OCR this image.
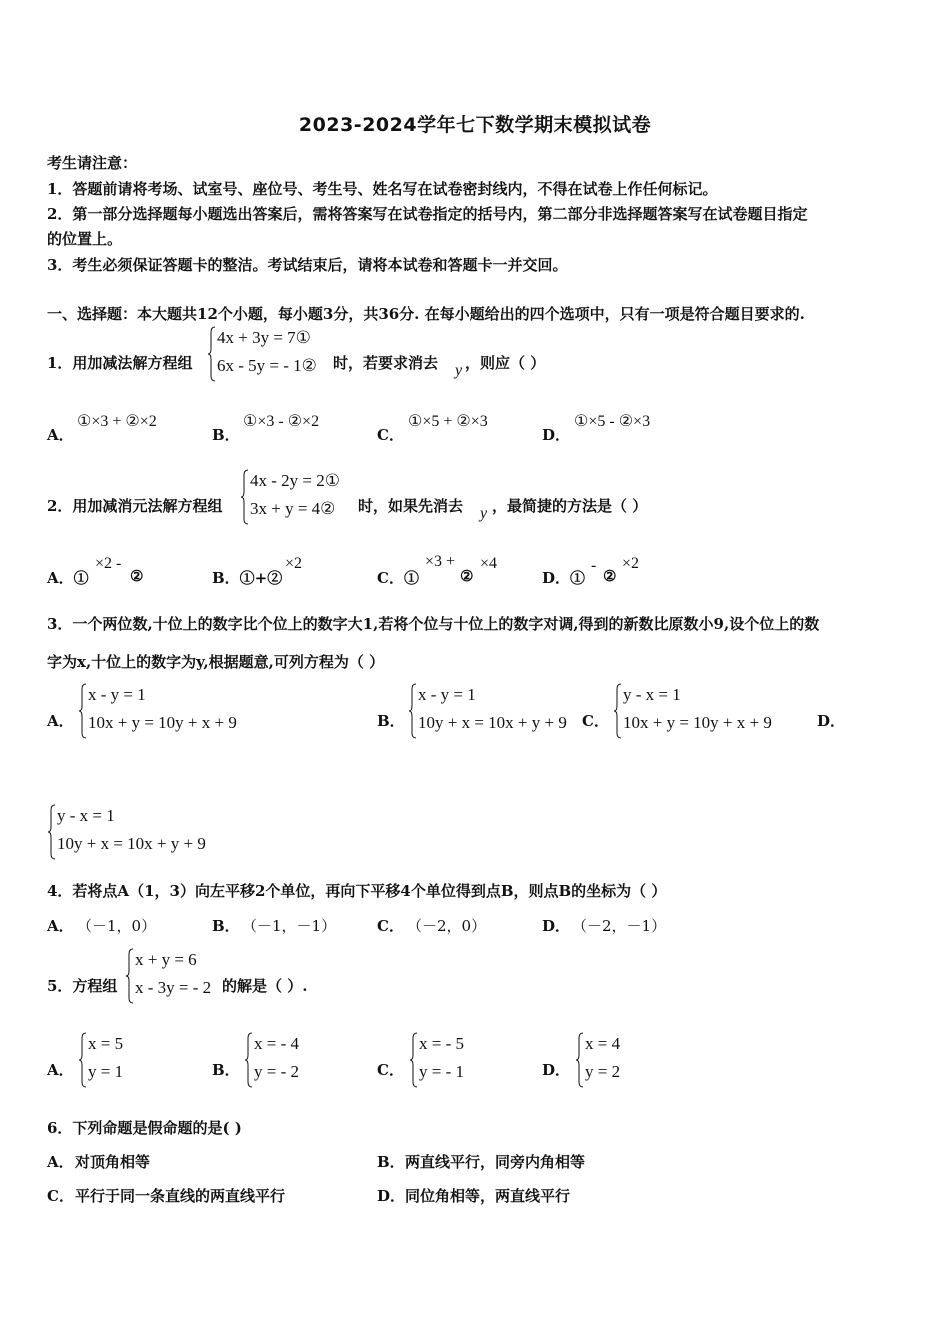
2023-2024学年七下数学期末模拟试卷
考生请注意：
1．答题前请将考场、试室号、座位号、考生号、姓名写在试卷密封线内，不得在试卷上作任何标记。
2．第一部分选择题每小题选出答案后，需将答案写在试卷指定的括号内，第二部分非选择题答案写在试卷题目指定
的位置上。
3．考生必须保证答题卡的整洁。考试结束后，请将本试卷和答题卡一并交回。
一、选择题：本大题共12个小题，每小题3分，共36分. 在每小题给出的四个选项中，只有一项是符合题目要求的.
1．用加减法解方程组
4x + 3y = 7①
6x - 5y = - 1② 时，若要求消去 y ，则应（ ）
A．
①×3 + ②×2
B．
①×3 - ②×2
C．
①×5 + ②×3
D．
①×5 - ②×3
2．用加减消元法解方程组
4x - 2y = 2①
3x + y = 4② 时，如果先消去 y ，最简捷的方法是（ ）
A．①
×2 -
②	B．①+②
×2
C．①
×3 +
②
×4
D．①
-
②
×2
3．一个两位数,十位上的数字比个位上的数字大1,若将个位与十位上的数字对调,得到的新数比原数小9,设个位上的数
字为x,十位上的数字为y,根据题意,可列方程为（ ）
A．
x - y = 1
10x + y = 10y + x + 9	B．
x - y = 1
10y + x = 10x + y + 9 C．
y - x = 1
10x + y = 10y + x + 9	D．
y - x = 1
10y + x = 10x + y + 9
4．若将点A（1，3）向左平移2个单位，再向下平移4个单位得到点B，则点B的坐标为（ ）
A． （－1，0）	B． （－1，－1）	C． （－2，0）	D． （－2，－1）
5．方程组
x + y = 6
x - 3y = - 2 的解是（ ）.
A．
x = 5
y = 1	B．
x = - 4
y = - 2	C．
x = - 5
y = - 1	D．
x = 4
y = 2
6．下列命题是假命题的是( )
A． 对顶角相等	B． 两直线平行，同旁内角相等
C． 平行于同一条直线的两直线平行	D． 同位角相等，两直线平行
